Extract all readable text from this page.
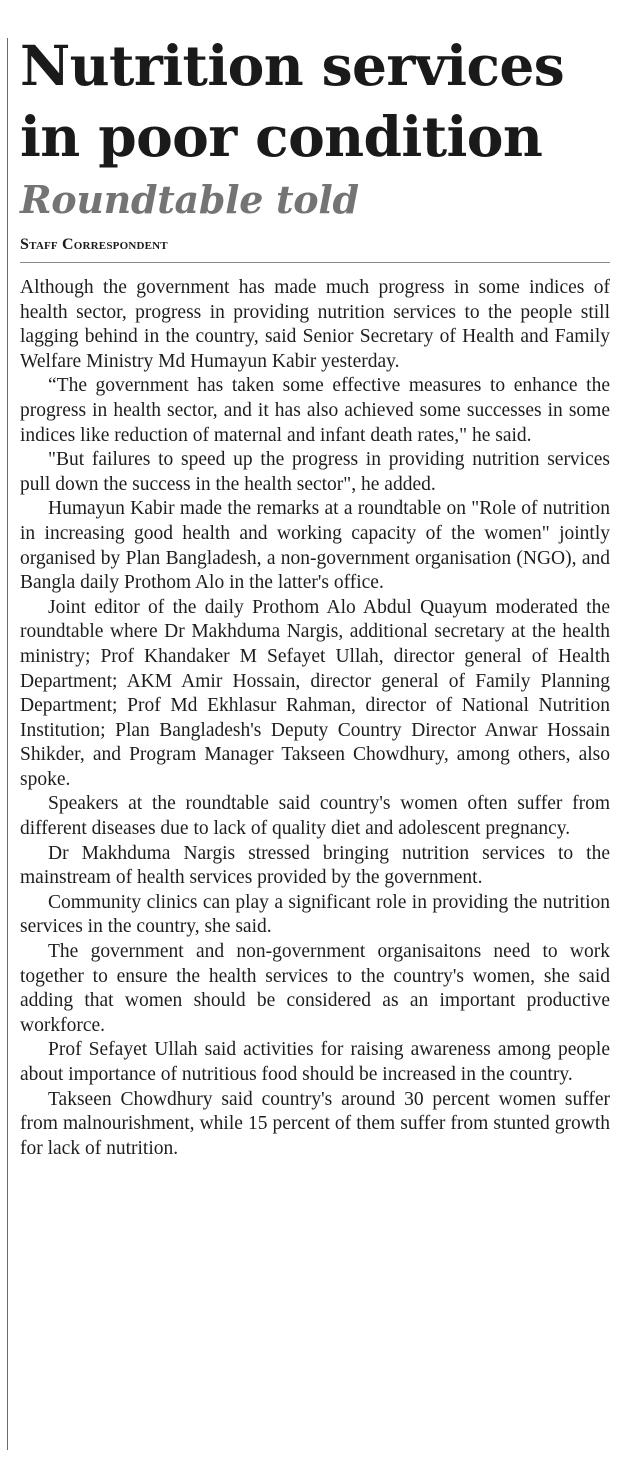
Nutrition services
in poor condition
Roundtable told
Staff Correspondent

Although the government has made much progress in some indices of health sector, progress in providing nutrition services to the people still lagging behind in the country, said Senior Secretary of Health and Family Welfare Ministry Md Humayun Kabir yesterday.

“The government has taken some effective measures to enhance the progress in health sector, and it has also achieved some successes in some indices like reduction of maternal and infant death rates," he said.

"But failures to speed up the progress in providing nutrition services pull down the success in the health sector", he added.

Humayun Kabir made the remarks at a roundtable on "Role of nutrition in increasing good health and working capacity of the women" jointly organised by Plan Bangladesh, a non-government organisation (NGO), and Bangla daily Prothom Alo in the latter's office.

Joint editor of the daily Prothom Alo Abdul Quayum moderated the roundtable where Dr Makhduma Nargis, additional secretary at the health ministry; Prof Khandaker M Sefayet Ullah, director general of Health Department; AKM Amir Hossain, director general of Family Planning Department; Prof Md Ekhlasur Rahman, director of National Nutrition Institution; Plan Bangladesh's Deputy Country Director Anwar Hossain Shikder, and Program Manager Takseen Chowdhury, among others, also spoke.

Speakers at the roundtable said country's women often suffer from different diseases due to lack of quality diet and adolescent pregnancy.

Dr Makhduma Nargis stressed bringing nutrition services to the mainstream of health services provided by the government.

Community clinics can play a significant role in providing the nutrition services in the country, she said.

The government and non-government organisaitons need to work together to ensure the health services to the country's women, she said adding that women should be considered as an important productive workforce.

Prof Sefayet Ullah said activities for raising awareness among people about importance of nutritious food should be increased in the country.

Takseen Chowdhury said country's around 30 percent women suffer from malnourishment, while 15 percent of them suffer from stunted growth for lack of nutrition.
